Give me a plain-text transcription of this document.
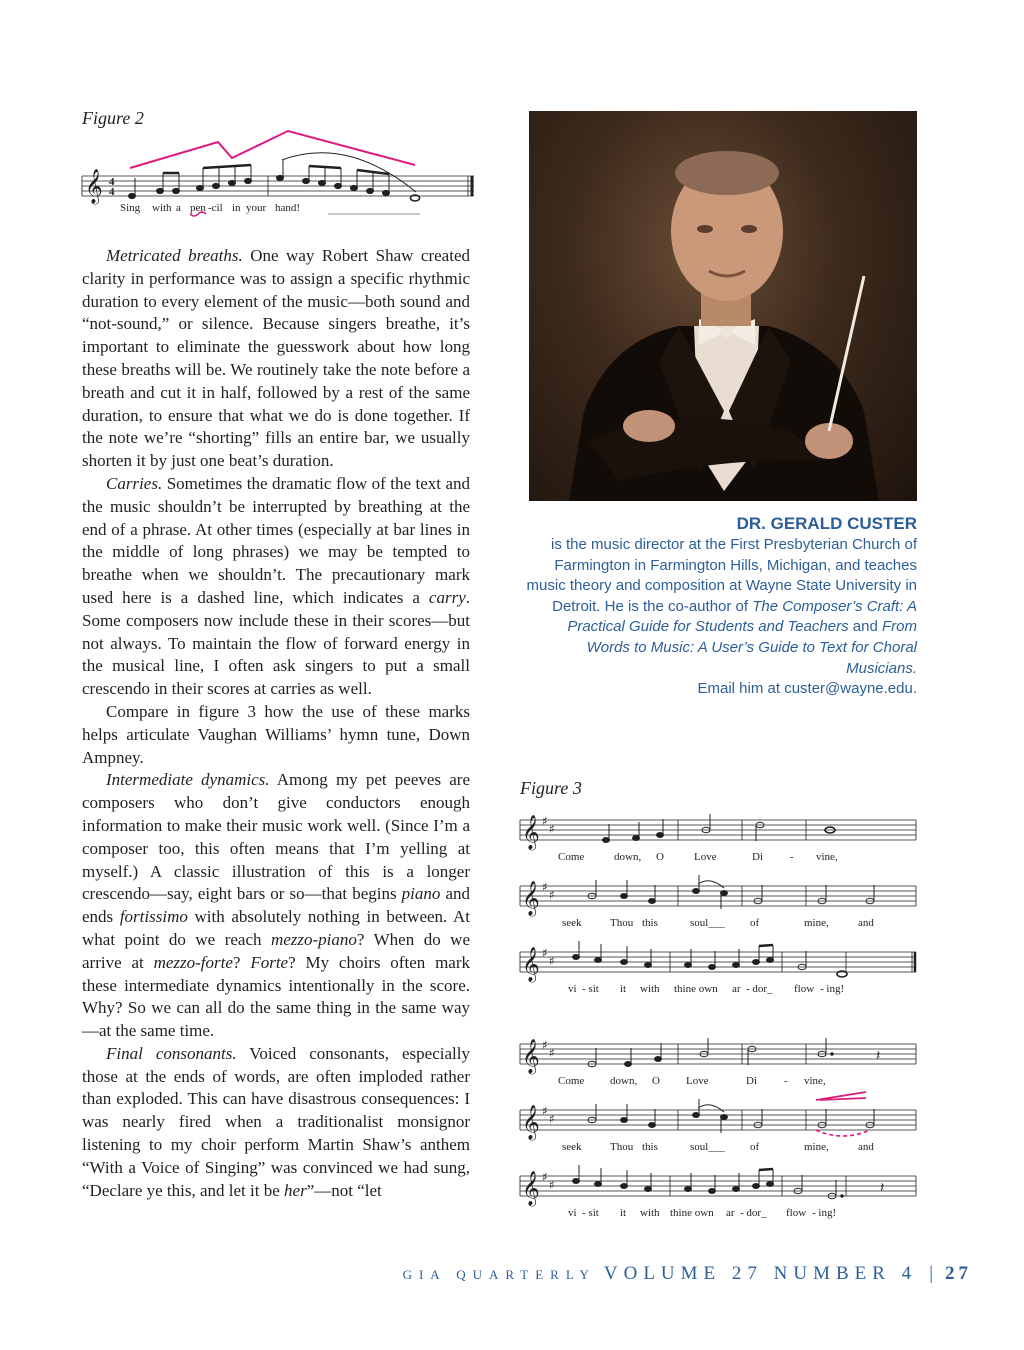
Figure 2
𝄞 4
4
Sing with a pen -cil in your hand!

Metricated breaths. One way Robert Shaw created clarity in performance was to assign a specific rhythmic duration to every element of the music—both sound and “not-sound,” or silence. Because singers breathe, it’s important to eliminate the guesswork about how long these breaths will be. We routinely take the note before a breath and cut it in half, followed by a rest of the same duration, to ensure that what we do is done together. If the note we’re “shorting” fills an entire bar, we usually shorten it by just one beat’s duration.

Carries. Sometimes the dramatic flow of the text and the music shouldn’t be interrupted by breathing at the end of a phrase. At other times (especially at bar lines in the middle of long phrases) we may be tempted to breathe when we shouldn’t. The precautionary mark used here is a dashed line, which indicates a carry. Some composers now include these in their scores—but not always. To maintain the flow of forward energy in the musical line, I often ask singers to put a small crescendo in their scores at carries as well.

Compare in figure 3 how the use of these marks helps articulate Vaughan Williams’ hymn tune, Down Ampney.

Intermediate dynamics. Among my pet peeves are composers who don’t give conductors enough information to make their music work well. (Since I’m a composer too, this often means that I’m yelling at myself.) A classic illustration of this is a longer crescendo—say, eight bars or so—that begins piano and ends fortissimo with absolutely nothing in between. At what point do we reach mezzo-piano? When do we arrive at mezzo-forte? Forte? My choirs often mark these intermediate dynamics intentionally in the score. Why? So we can all do the same thing in the same way—at the same time.

Final consonants. Voiced consonants, especially those at the ends of words, are often imploded rather than exploded. This can have disastrous consequences: I was nearly fired when a traditionalist monsignor listening to my choir perform Martin Shaw’s anthem “With a Voice of Singing” was convinced we had sung, “Declare ye this, and let it be her”—not “let

DR. GERALD CUSTER
is the music director at the First Presbyterian Church of Farmington in Farmington Hills, Michigan, and teaches music theory and composition at Wayne State University in Detroit. He is the co-author of The Composer’s Craft: A Practical Guide for Students and Teachers and From Words to Music: A User’s Guide to Text for Choral Musicians.
Email him at custer@wayne.edu.
Figure 3
𝄞 ♯
♯
𝄞 ♯
♯
𝄞 ♯
♯
𝄞 ♯
♯
𝄞 ♯
♯
𝄞 ♯
♯
𝄽
𝄽
Come	down, O	Love	Di - vine,
seek	Thou this	soul___ of	mine,	and
vi - sit it with thine own ar - dor_ flow - ing!
Come down, O Love	Di - vine,
seek	Thou this	soul___ of	mine,	and
vi - sit it with thine own ar - dor_ flow - ing!
GIA QUARTERLY VOLUME 27 NUMBER 4 | 27
